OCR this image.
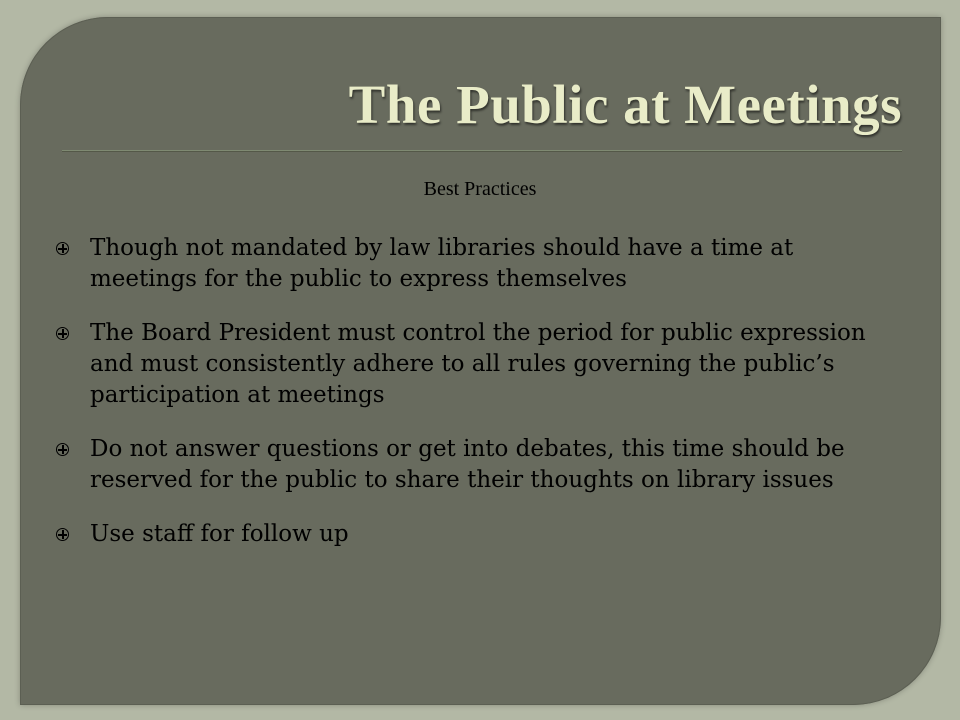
The Public at Meetings
Best Practices
Though not mandated by law libraries should have a time at meetings for the public to express themselves
The Board President must control the period for public expression and must consistently adhere to all rules governing the public’s participation at meetings
Do not answer questions or get into debates, this time should be reserved for the public to share their thoughts on library issues
Use staff for follow up
